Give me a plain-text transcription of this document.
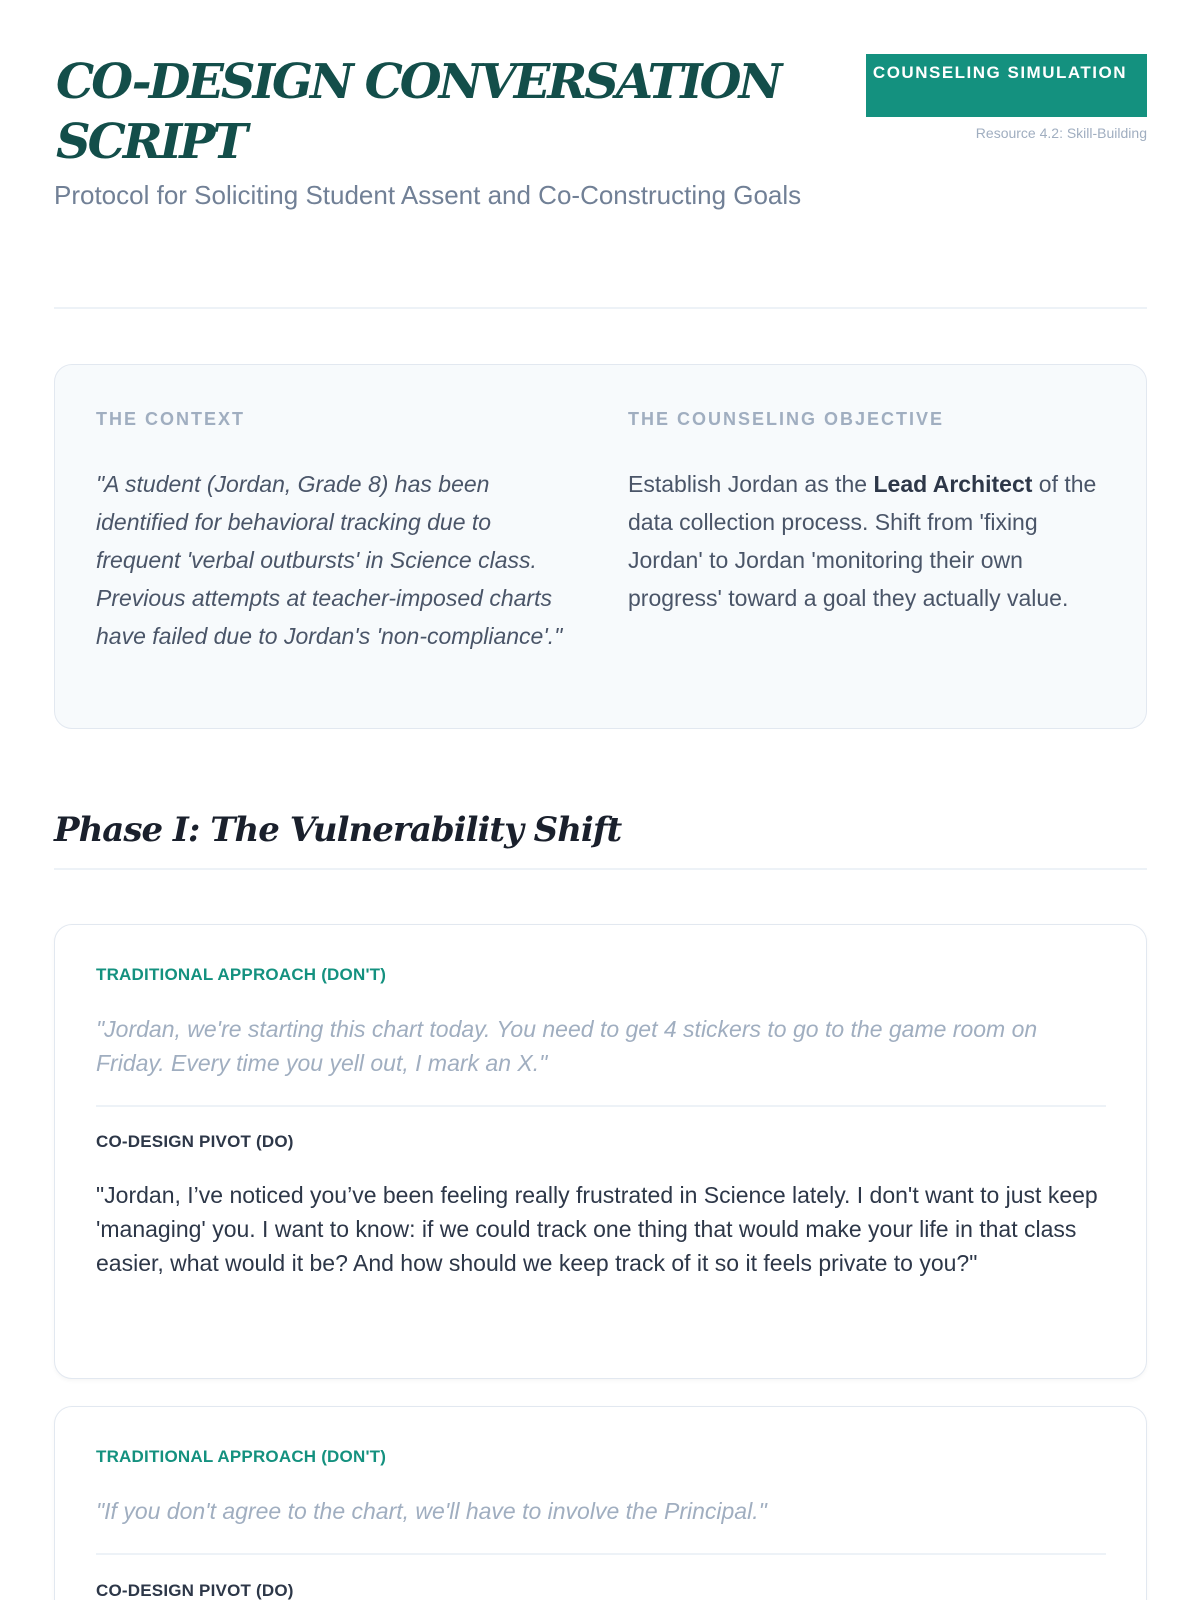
CO-DESIGN CONVERSATION SCRIPT
Protocol for Soliciting Student Assent and Co-Constructing Goals
COUNSELING SIMULATION
Resource 4.2: Skill-Building
THE CONTEXT
"A student (Jordan, Grade 8) has been identified for behavioral tracking due to frequent 'verbal outbursts' in Science class. Previous attempts at teacher-imposed charts have failed due to Jordan's 'non-compliance'."
THE COUNSELING OBJECTIVE
Establish Jordan as the Lead Architect of the data collection process. Shift from 'fixing Jordan' to Jordan 'monitoring their own progress' toward a goal they actually value.
Phase I: The Vulnerability Shift
TRADITIONAL APPROACH (DON'T)
"Jordan, we're starting this chart today. You need to get 4 stickers to go to the game room on Friday. Every time you yell out, I mark an X."
CO-DESIGN PIVOT (DO)
"Jordan, I’ve noticed you’ve been feeling really frustrated in Science lately. I don't want to just keep 'managing' you. I want to know: if we could track one thing that would make your life in that class easier, what would it be? And how should we keep track of it so it feels private to you?"
TRADITIONAL APPROACH (DON'T)
"If you don't agree to the chart, we'll have to involve the Principal."
CO-DESIGN PIVOT (DO)
